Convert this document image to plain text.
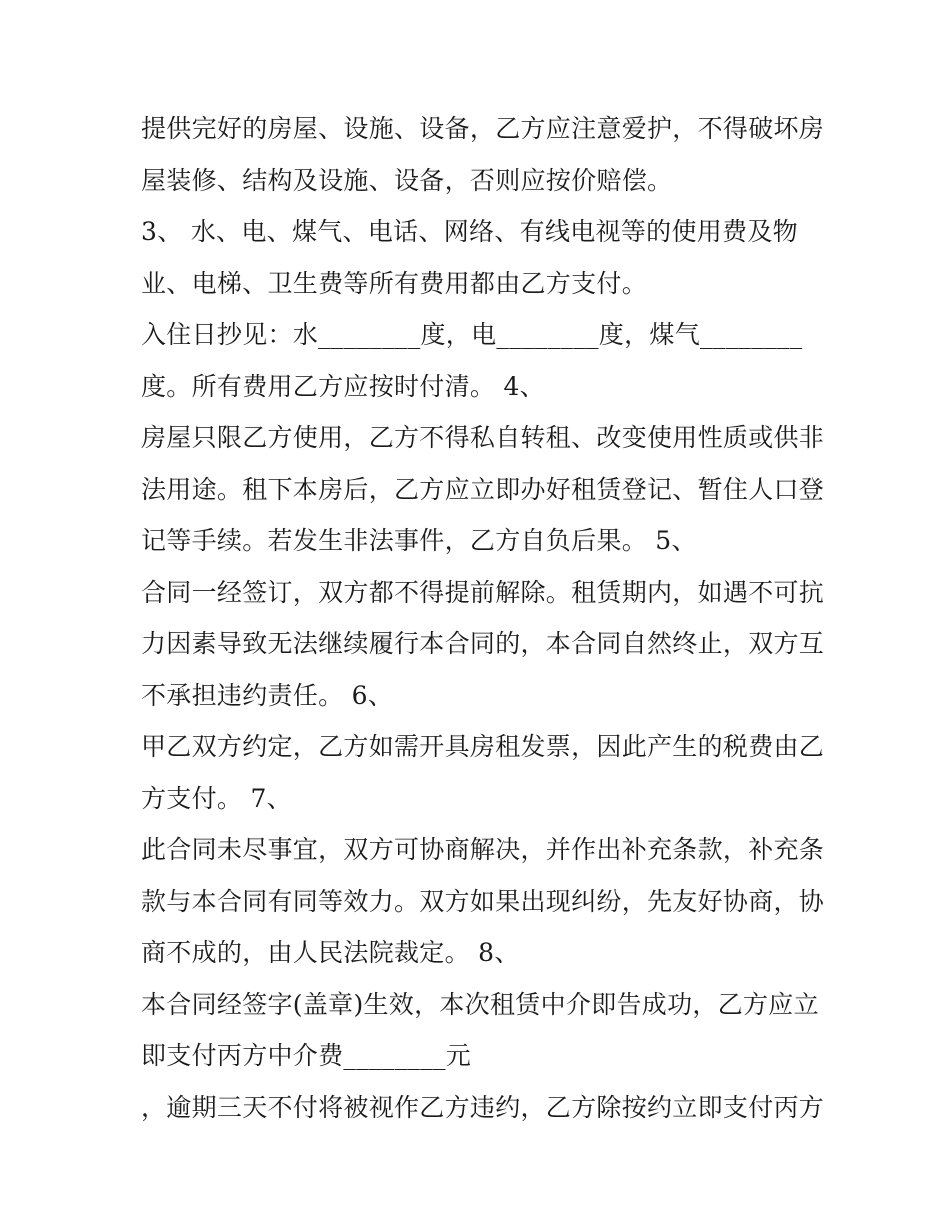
提供完好的房屋、设施、设备，乙方应注意爱护，不得破坏房
屋装修、结构及设施、设备，否则应按价赔偿。
3、 水、电、煤气、电话、网络、有线电视等的使用费及物
业、电梯、卫生费等所有费用都由乙方支付。
入住日抄见：水________度，电________度，煤气________
度。所有费用乙方应按时付清。 4、
房屋只限乙方使用，乙方不得私自转租、改变使用性质或供非
法用途。租下本房后，乙方应立即办好租赁登记、暂住人口登
记等手续。若发生非法事件，乙方自负后果。 5、
合同一经签订，双方都不得提前解除。租赁期内，如遇不可抗
力因素导致无法继续履行本合同的，本合同自然终止，双方互
不承担违约责任。 6、
甲乙双方约定，乙方如需开具房租发票，因此产生的税费由乙
方支付。 7、
此合同未尽事宜，双方可协商解决，并作出补充条款，补充条
款与本合同有同等效力。双方如果出现纠纷，先友好协商，协
商不成的，由人民法院裁定。 8、
本合同经签字(盖章)生效，本次租赁中介即告成功，乙方应立
即支付丙方中介费________元
，逾期三天不付将被视作乙方违约，乙方除按约立即支付丙方
